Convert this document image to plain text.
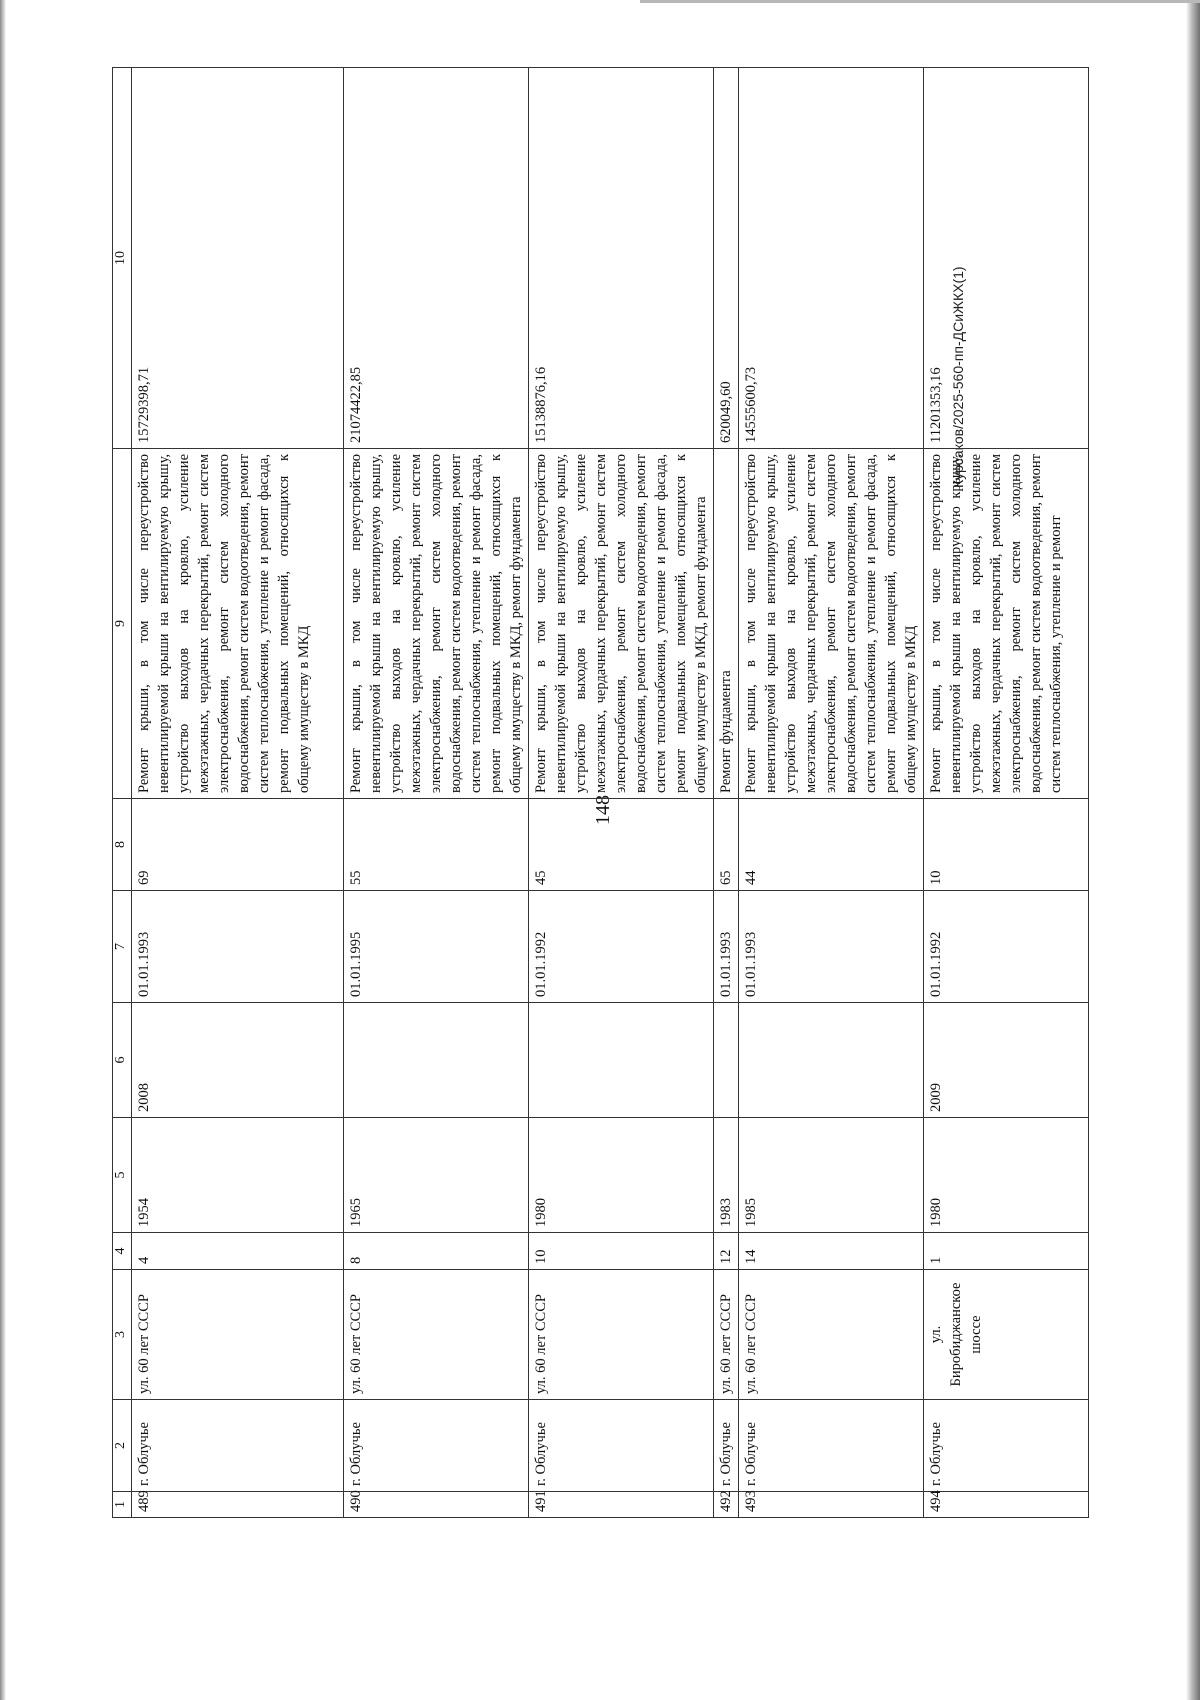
148
Курсаков/2025-560-пп-ДСиЖКХ(1)
1	2	3	4	5	6	7	8	9	10
489	г. Облучье	ул. 60 лет СССР	4	1954	2008	01.01.1993	69	Ремонт крыши, в том числе переустройство невентилируемой крыши на вентилируемую крышу, устройство выходов на кровлю, усиление межэтажных, чердачных перекрытий, ремонт систем электроснабжения, ремонт систем холодного водоснабжения, ремонт систем водоотведения, ремонт систем теплоснабжения, утепление и ремонт фасада, ремонт подвальных помещений, относящихся к общему имуществу в МКД	15729398,71
490	г. Облучье	ул. 60 лет СССР	8	1965		01.01.1995	55	Ремонт крыши, в том числе переустройство невентилируемой крыши на вентилируемую крышу, устройство выходов на кровлю, усиление межэтажных, чердачных перекрытий, ремонт систем электроснабжения, ремонт систем холодного водоснабжения, ремонт систем водоотведения, ремонт систем теплоснабжения, утепление и ремонт фасада, ремонт подвальных помещений, относящихся к общему имуществу в МКД, ремонт фундамента	21074422,85
491	г. Облучье	ул. 60 лет СССР	10	1980		01.01.1992	45	Ремонт крыши, в том числе переустройство невентилируемой крыши на вентилируемую крышу, устройство выходов на кровлю, усиление межэтажных, чердачных перекрытий, ремонт систем электроснабжения, ремонт систем холодного водоснабжения, ремонт систем водоотведения, ремонт систем теплоснабжения, утепление и ремонт фасада, ремонт подвальных помещений, относящихся к общему имуществу в МКД, ремонт фундамента	15138876,16
492	г. Облучье	ул. 60 лет СССР	12	1983		01.01.1993	65	Ремонт фундамента	620049,60
493	г. Облучье	ул. 60 лет СССР	14	1985		01.01.1993	44	Ремонт крыши, в том числе переустройство невентилируемой крыши на вентилируемую крышу, устройство выходов на кровлю, усиление межэтажных, чердачных перекрытий, ремонт систем электроснабжения, ремонт систем холодного водоснабжения, ремонт систем водоотведения, ремонт систем теплоснабжения, утепление и ремонт фасада, ремонт подвальных помещений, относящихся к общему имуществу в МКД	14555600,73
494	г. Облучье	ул. Биробиджанское шоссе	1	1980	2009	01.01.1992	10	Ремонт крыши, в том числе переустройство невентилируемой крыши на вентилируемую крышу, устройство выходов на кровлю, усиление межэтажных, чердачных перекрытий, ремонт систем электроснабжения, ремонт систем холодного водоснабжения, ремонт систем водоотведения, ремонт систем теплоснабжения, утепление и ремонт	11201353,16
